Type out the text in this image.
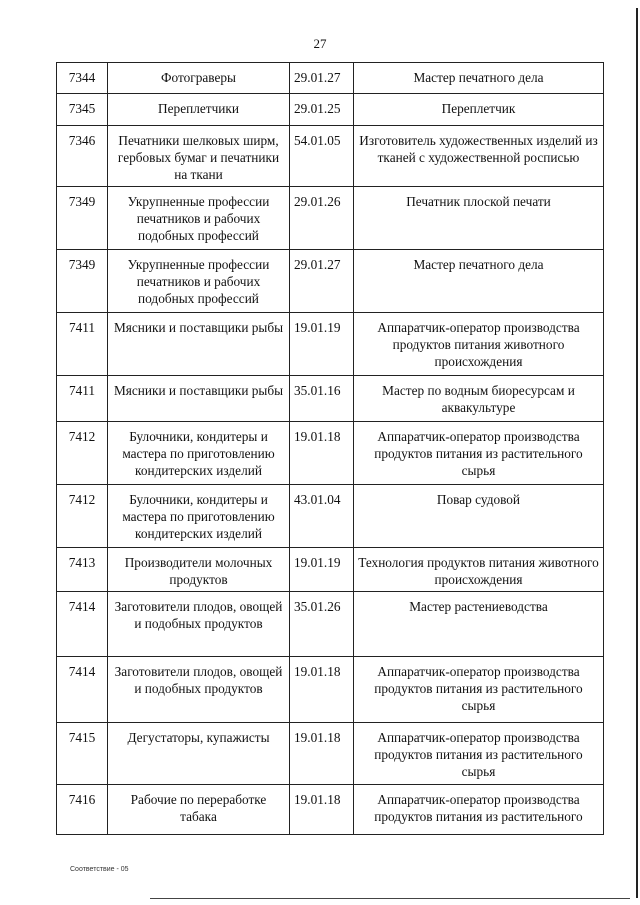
27
7344	Фотограверы	29.01.27	Мастер печатного дела
7345	Переплетчики	29.01.25	Переплетчик
7346	Печатники шелковых ширм, гербовых бумаг и печатники на ткани	54.01.05	Изготовитель художественных изделий из тканей с художественной росписью
7349	Укрупненные профессии печатников и рабочих подобных профессий	29.01.26	Печатник плоской печати
7349	Укрупненные профессии печатников и рабочих подобных профессий	29.01.27	Мастер печатного дела
7411	Мясники и поставщики рыбы	19.01.19	Аппаратчик-оператор производства продуктов питания животного происхождения
7411	Мясники и поставщики рыбы	35.01.16	Мастер по водным биоресурсам и аквакультуре
7412	Булочники, кондитеры и мастера по приготовлению кондитерских изделий	19.01.18	Аппаратчик-оператор производства продуктов питания из растительного сырья
7412	Булочники, кондитеры и мастера по приготовлению кондитерских изделий	43.01.04	Повар судовой
7413	Производители молочных продуктов	19.01.19	Технология продуктов питания животного происхождения
7414	Заготовители плодов, овощей и подобных продуктов	35.01.26	Мастер растениеводства
7414	Заготовители плодов, овощей и подобных продуктов	19.01.18	Аппаратчик-оператор производства продуктов питания из растительного сырья
7415	Дегустаторы, купажисты	19.01.18	Аппаратчик-оператор производства продуктов питания из растительного сырья
7416	Рабочие по переработке табака	19.01.18	Аппаратчик-оператор производства продуктов питания из растительного
Соответствие - 05
